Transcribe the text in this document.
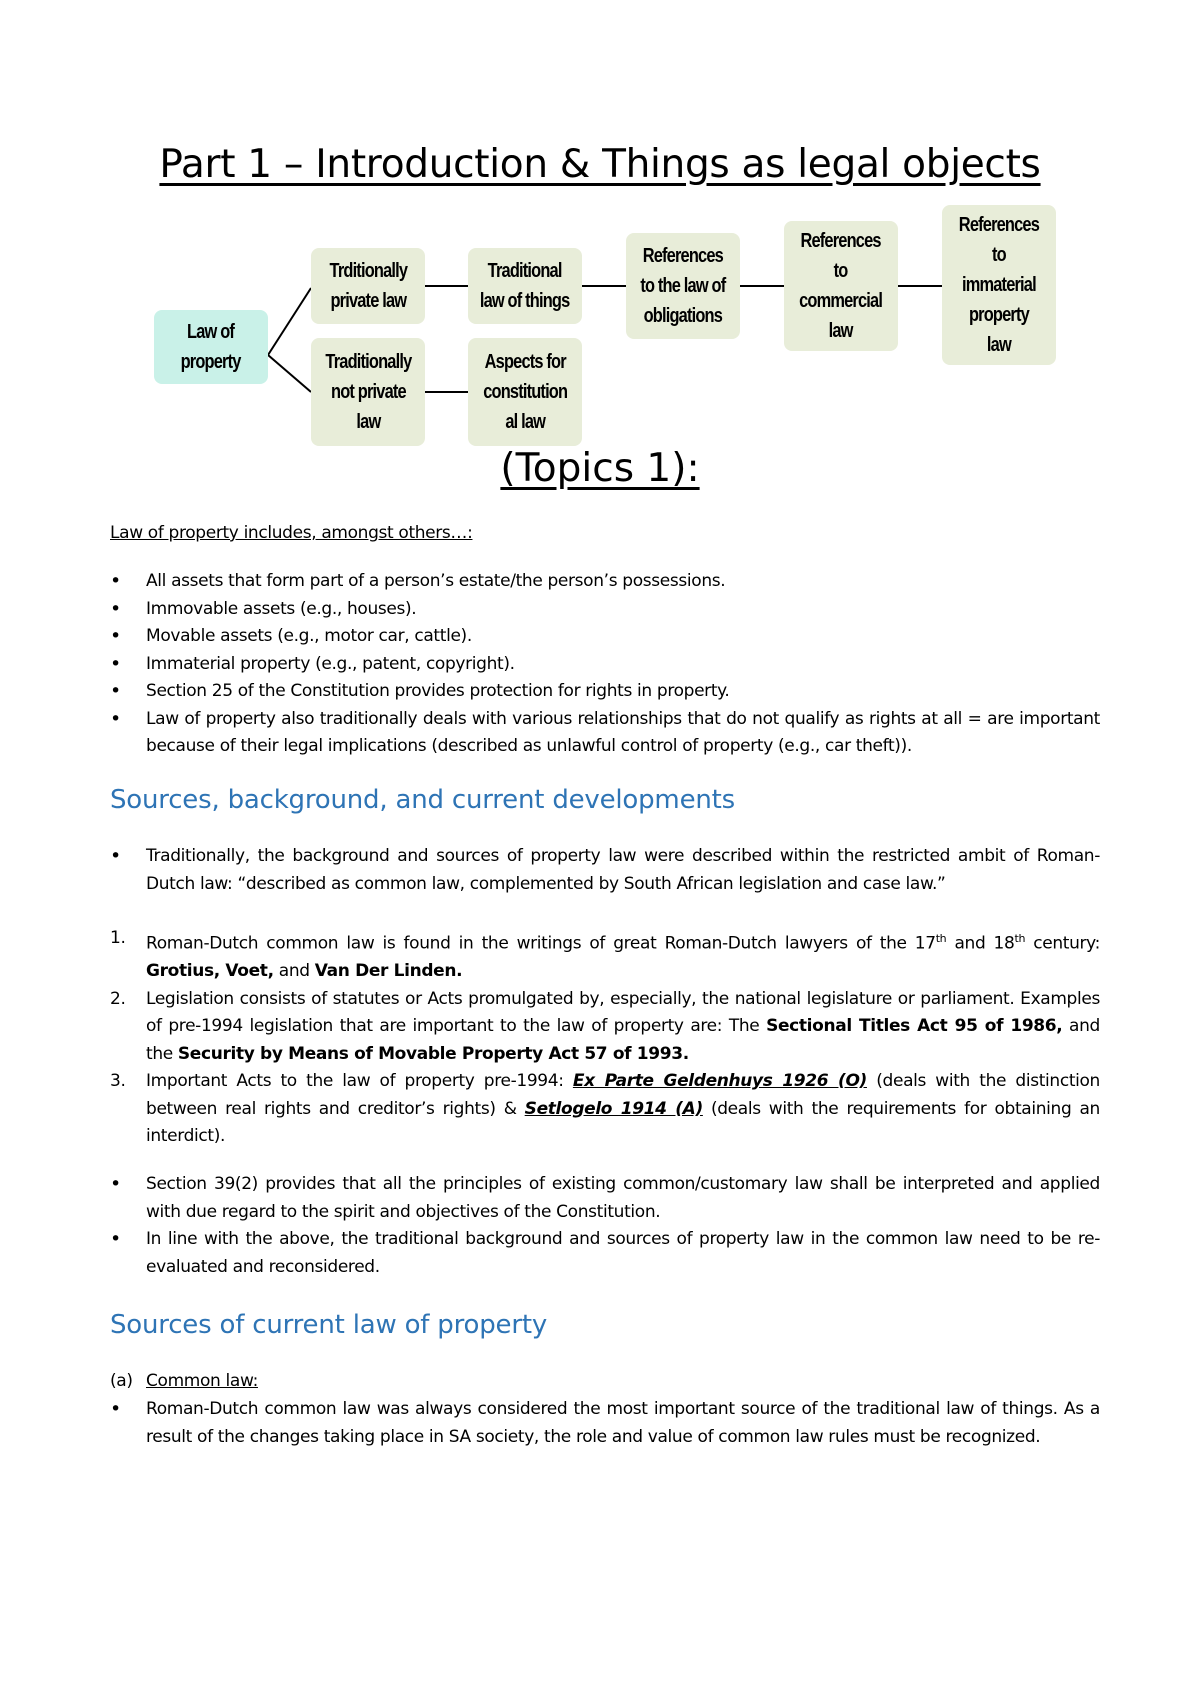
Part 1 – Introduction & Things as legal objects
Law of
property
Trditionally
private law
Traditionally
not private
law
Traditional
law of things
Aspects for
constitution
al law
References
to the law of
obligations
References
to
commercial
law
References
to
immaterial
property
law
(Topics 1):
Law of property includes, amongst others…:
• All assets that form part of a person’s estate/the person’s possessions.
• Immovable assets (e.g., houses).
• Movable assets (e.g., motor car, cattle).
• Immaterial property (e.g., patent, copyright).
• Section 25 of the Constitution provides protection for rights in property.
• Law of property also traditionally deals with various relationships that do not qualify as rights at all = are important because of their legal implications (described as unlawful control of property (e.g., car theft)).
Sources, background, and current developments
• Traditionally, the background and sources of property law were described within the restricted ambit of Roman-Dutch law: “described as common law, complemented by South African legislation and case law.”
1. Roman-Dutch common law is found in the writings of great Roman-Dutch lawyers of the 17th and 18th century: Grotius, Voet, and Van Der Linden.
2. Legislation consists of statutes or Acts promulgated by, especially, the national legislature or parliament. Examples of pre-1994 legislation that are important to the law of property are: The Sectional Titles Act 95 of 1986, and the Security by Means of Movable Property Act 57 of 1993.
3. Important Acts to the law of property pre-1994: Ex Parte Geldenhuys 1926 (O) (deals with the distinction between real rights and creditor’s rights) & Setlogelo 1914 (A) (deals with the requirements for obtaining an interdict).
• Section 39(2) provides that all the principles of existing common/customary law shall be interpreted and applied with due regard to the spirit and objectives of the Constitution.
• In line with the above, the traditional background and sources of property law in the common law need to be re-evaluated and reconsidered.
Sources of current law of property
(a) Common law:
• Roman-Dutch common law was always considered the most important source of the traditional law of things. As a result of the changes taking place in SA society, the role and value of common law rules must be recognized.
